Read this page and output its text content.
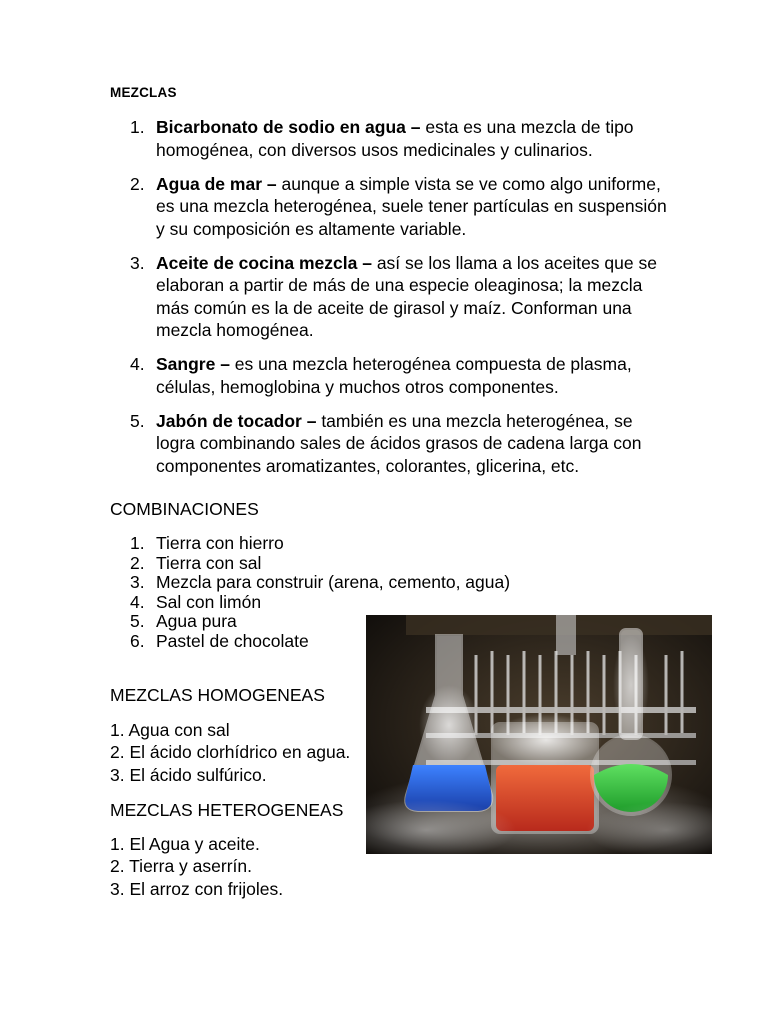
MEZCLAS
1. Bicarbonato de sodio en agua – esta es una mezcla de tipo homogénea, con diversos usos medicinales y culinarios.
2. Agua de mar – aunque a simple vista se ve como algo uniforme, es una mezcla heterogénea, suele tener partículas en suspensión y su composición es altamente variable.
3. Aceite de cocina mezcla – así se los llama a los aceites que se elaboran a partir de más de una especie oleaginosa; la mezcla más común es la de aceite de girasol y maíz. Conforman una mezcla homogénea.
4. Sangre – es una mezcla heterogénea compuesta de plasma, células, hemoglobina y muchos otros componentes.
5. Jabón de tocador – también es una mezcla heterogénea, se logra combinando sales de ácidos grasos de cadena larga con componentes aromatizantes, colorantes, glicerina, etc.
COMBINACIONES
1. Tierra con hierro
2. Tierra con sal
3. Mezcla para construir (arena, cemento, agua)
4. Sal con limón
5. Agua pura
6. Pastel de chocolate
MEZCLAS HOMOGENEAS
1. Agua con sal
2. El ácido clorhídrico en agua.
3. El ácido sulfúrico.
MEZCLAS HETEROGENEAS
1. El Agua y aceite.
2. Tierra y aserrín.
3. El arroz con frijoles.
